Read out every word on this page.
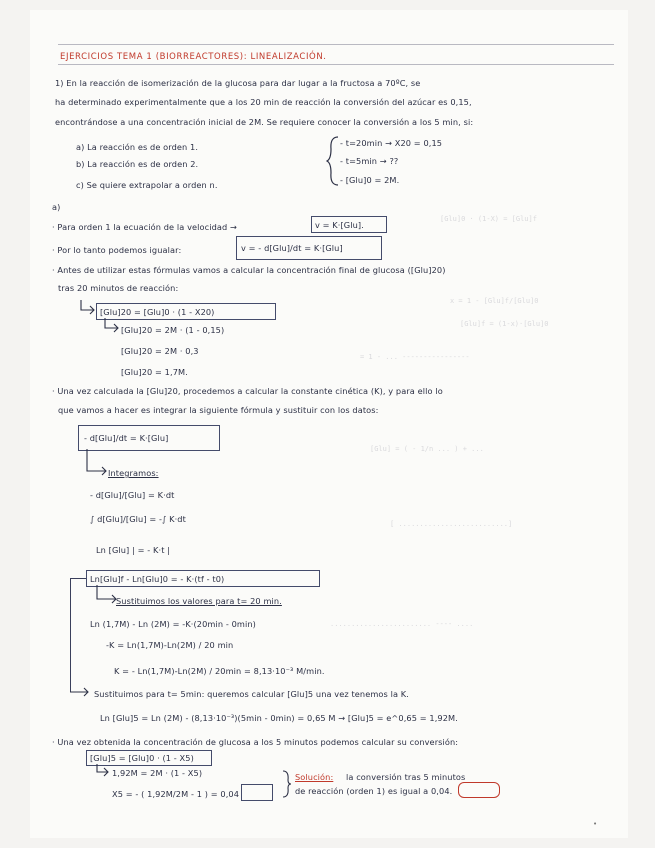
[Glu]0 · (1-X) = [Glu]f
x = 1 - [Glu]f/[Glu]0
[Glu]f = (1-x)·[Glu]0
= 1 - ... ----------------
[Glu] = ( - 1/n ... ) + ...
[ ..........................]
........................ ---- ....
EJERCICIOS TEMA 1 (BIORREACTORES): LINEALIZACIÓN.
1) En la reacción de isomerización de la glucosa para dar lugar a la fructosa a 70ºC, se
ha determinado experimentalmente que a los 20 min de reacción la conversión del azúcar es 0,15,
encontrándose a una concentración inicial de 2M. Se requiere conocer la conversión a los 5 min, si:
a) La reacción es de orden 1.
b) La reacción es de orden 2.
c) Se quiere extrapolar a orden n.
- t=20min → X20 = 0,15
- t=5min → ??
- [Glu]0 = 2M.
a)
· Para orden 1 la ecuación de la velocidad →	v = K·[Glu].
· Por lo tanto podemos igualar:	v = - d[Glu]/dt = K·[Glu]
· Antes de utilizar estas fórmulas vamos a calcular la concentración final de glucosa ([Glu]20)
tras 20 minutos de reacción:
[Glu]20 = [Glu]0 · (1 - X20)
[Glu]20 = 2M · (1 - 0,15)
[Glu]20 = 2M · 0,3
[Glu]20 = 1,7M.
· Una vez calculada la [Glu]20, procedemos a calcular la constante cinética (K), y para ello lo
que vamos a hacer es integrar la siguiente fórmula y sustituir con los datos:
- d[Glu]/dt = K·[Glu]
Integramos:
- d[Glu]/[Glu] = K·dt
∫ d[Glu]/[Glu] = -∫ K·dt
Ln [Glu] | = - K·t |
Ln[Glu]f - Ln[Glu]0 = - K·(tf - t0)
Sustituimos los valores para t= 20 min.
Ln (1,7M) - Ln (2M) = -K·(20min - 0min)
-K = Ln(1,7M)-Ln(2M) / 20 min
K = - Ln(1,7M)-Ln(2M) / 20min = 8,13·10⁻³ M/min.
Sustituimos para t= 5min: queremos calcular [Glu]5 una vez tenemos la K.
Ln [Glu]5 = Ln (2M) - (8,13·10⁻³)(5min - 0min) = 0,65 M → [Glu]5 = e^0,65 = 1,92M.
· Una vez obtenida la concentración de glucosa a los 5 minutos podemos calcular su conversión:
[Glu]5 = [Glu]0 · (1 - X5)
1,92M = 2M · (1 - X5)
X5 = - ( 1,92M/2M - 1 ) = 0,04
Solución: la conversión tras 5 minutos
de reacción (orden 1) es igual a 0,04.
•
